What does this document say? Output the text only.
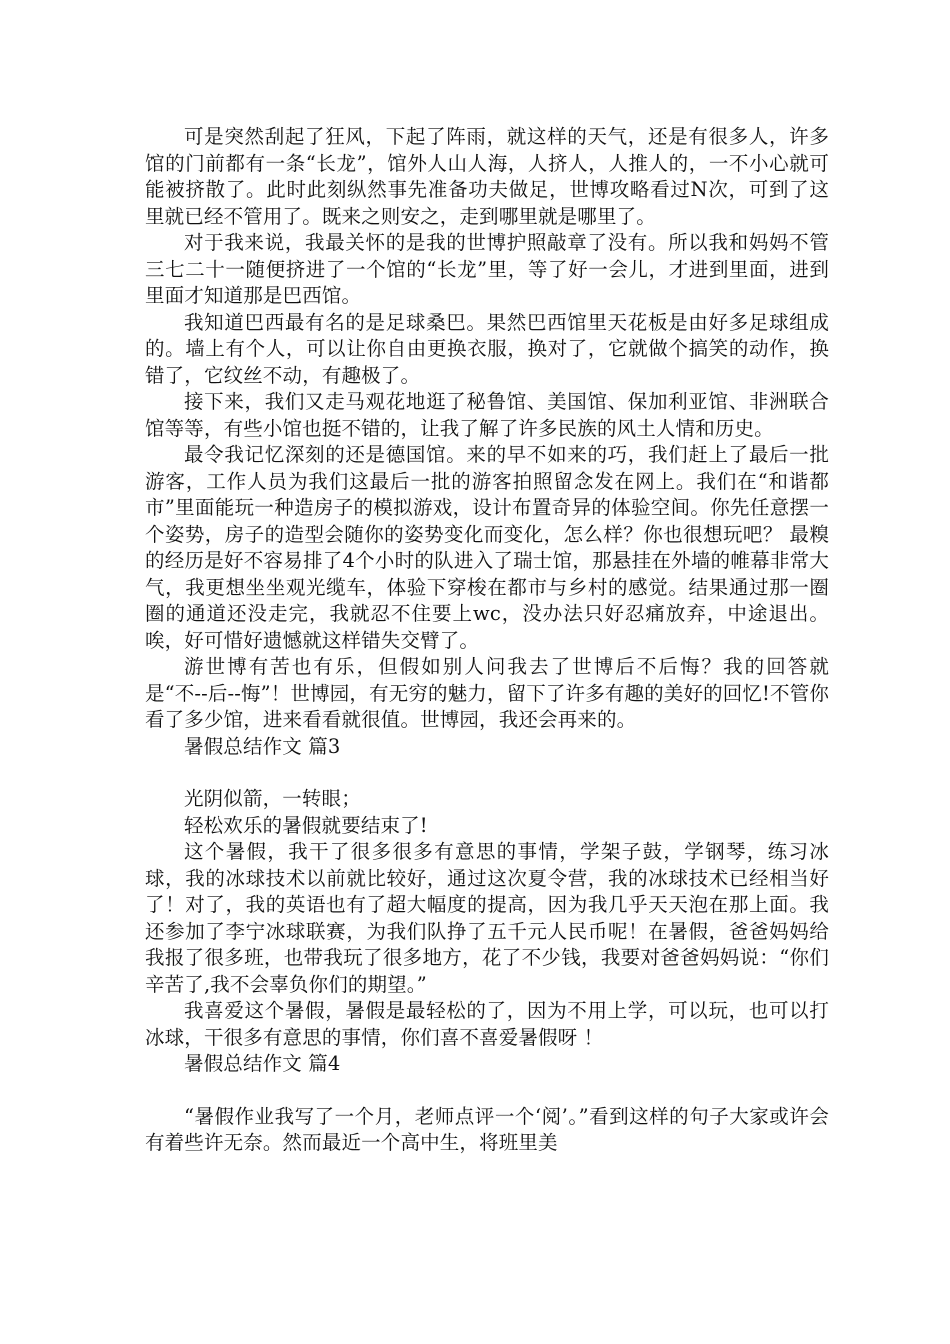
可是突然刮起了狂风，下起了阵雨，就这样的天气，还是有很多人，许多馆的门前都有一条“长龙”，馆外人山人海，人挤人，人推人的，一不小心就可能被挤散了。此时此刻纵然事先准备功夫做足，世博攻略看过N次，可到了这里就已经不管用了。既来之则安之，走到哪里就是哪里了。

对于我来说，我最关怀的是我的世博护照敲章了没有。所以我和妈妈不管三七二十一随便挤进了一个馆的“长龙”里，等了好一会儿，才进到里面，进到里面才知道那是巴西馆。

我知道巴西最有名的是足球桑巴。果然巴西馆里天花板是由好多足球组成的。墙上有个人，可以让你自由更换衣服，换对了，它就做个搞笑的动作，换错了，它纹丝不动，有趣极了。

接下来，我们又走马观花地逛了秘鲁馆、美国馆、保加利亚馆、非洲联合馆等等，有些小馆也挺不错的，让我了解了许多民族的风土人情和历史。

最令我记忆深刻的还是德国馆。来的早不如来的巧，我们赶上了最后一批游客，工作人员为我们这最后一批的游客拍照留念发在网上。我们在“和谐都市”里面能玩一种造房子的模拟游戏，设计布置奇异的体验空间。你先任意摆一个姿势，房子的造型会随你的姿势变化而变化，怎么样？你也很想玩吧？ 最糗的经历是好不容易排了4个小时的队进入了瑞士馆，那悬挂在外墙的帷幕非常大气，我更想坐坐观光缆车，体验下穿梭在都市与乡村的感觉。结果通过那一圈圈的通道还没走完，我就忍不住要上wc，没办法只好忍痛放弃，中途退出。唉，好可惜好遗憾就这样错失交臂了。

游世博有苦也有乐，但假如别人问我去了世博后不后悔？我的回答就是“不--后--悔”！世博园，有无穷的魅力，留下了许多有趣的美好的回忆!不管你看了多少馆，进来看看就很值。世博园，我还会再来的。

暑假总结作文 篇3

光阴似箭，一转眼；

轻松欢乐的暑假就要结束了!

这个暑假，我干了很多很多有意思的事情，学架子鼓，学钢琴，练习冰球，我的冰球技术以前就比较好，通过这次夏令营，我的冰球技术已经相当好了！对了，我的英语也有了超大幅度的提高，因为我几乎天天泡在那上面。我还参加了李宁冰球联赛，为我们队挣了五千元人民币呢！在暑假，爸爸妈妈给我报了很多班，也带我玩了很多地方，花了不少钱，我要对爸爸妈妈说：“你们辛苦了,我不会辜负你们的期望。”

我喜爱这个暑假，暑假是最轻松的了，因为不用上学，可以玩，也可以打冰球，干很多有意思的事情，你们喜不喜爱暑假呀 ！

暑假总结作文 篇4

“暑假作业我写了一个月，老师点评一个‘阅’。”看到这样的句子大家或许会有着些许无奈。然而最近一个高中生，将班里美
